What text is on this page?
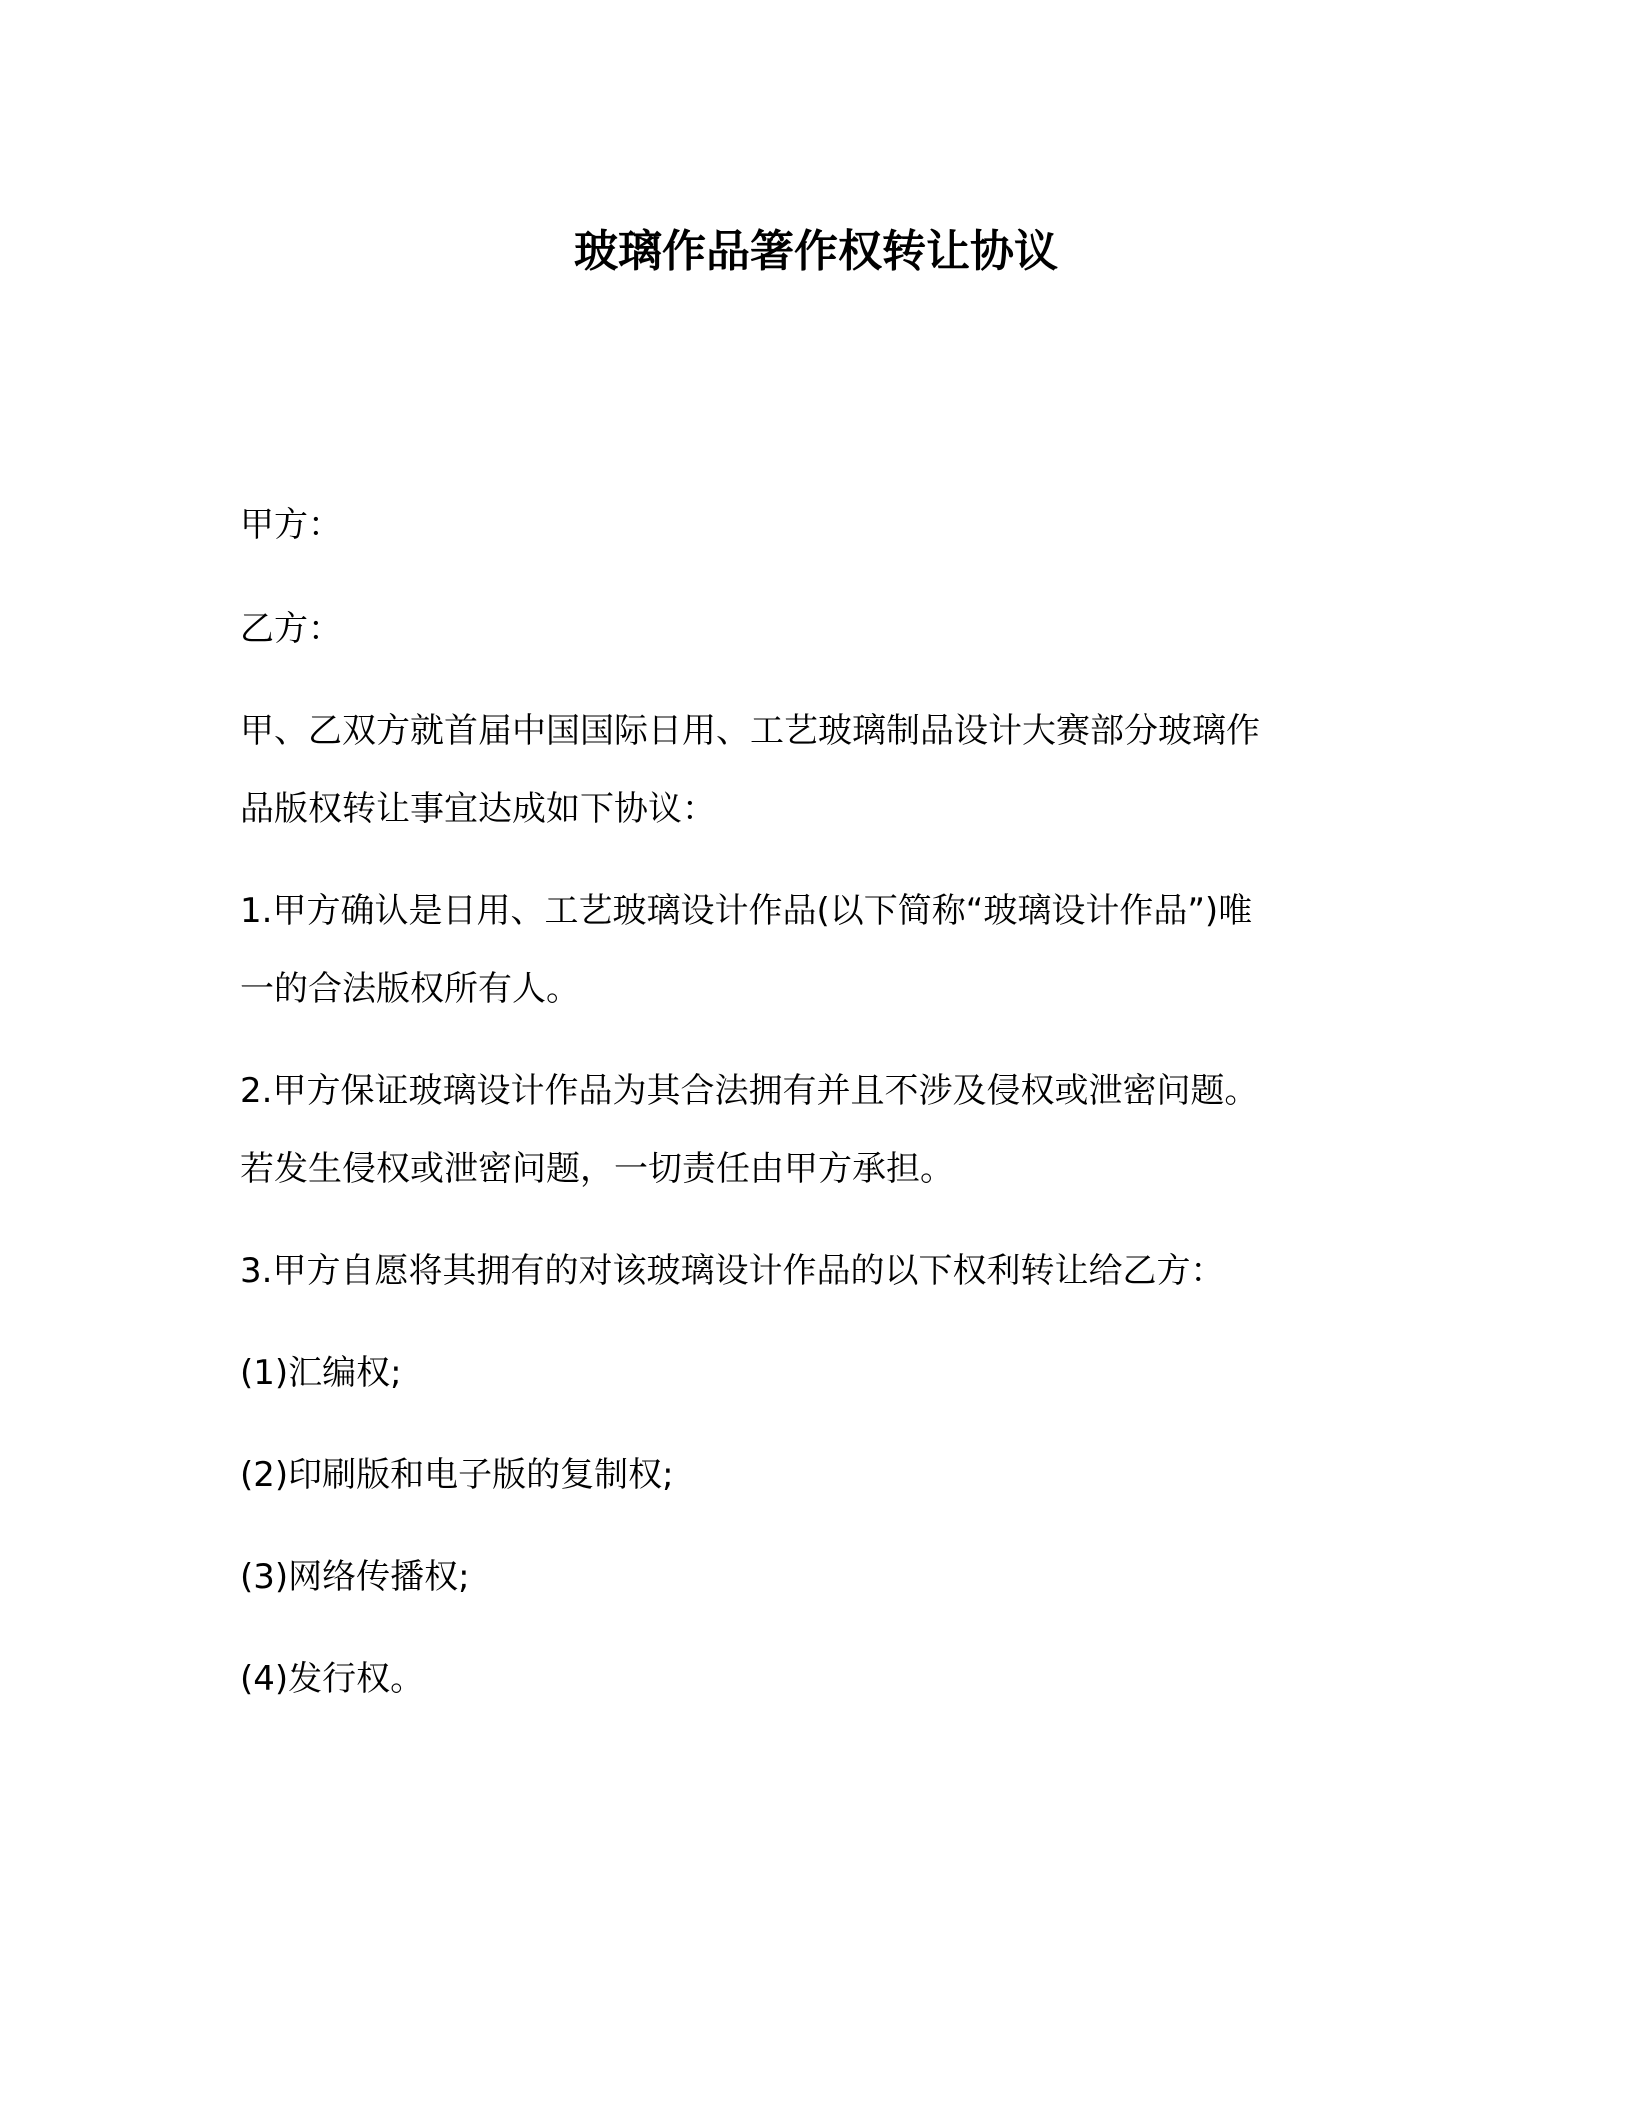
玻璃作品箸作权转让协议
甲方：
乙方：
甲、乙双方就首届中国国际日用、工艺玻璃制品设计大赛部分玻璃作
品版权转让事宜达成如下协议：
1.甲方确认是日用、工艺玻璃设计作品(以下简称“玻璃设计作品”)唯
一的合法版权所有人。
2.甲方保证玻璃设计作品为其合法拥有并且不涉及侵权或泄密问题。
若发生侵权或泄密问题，一切责任由甲方承担。
3.甲方自愿将其拥有的对该玻璃设计作品的以下权利转让给乙方：
(1)汇编权;
(2)印刷版和电子版的复制权;
(3)网络传播权;
(4)发行权。
